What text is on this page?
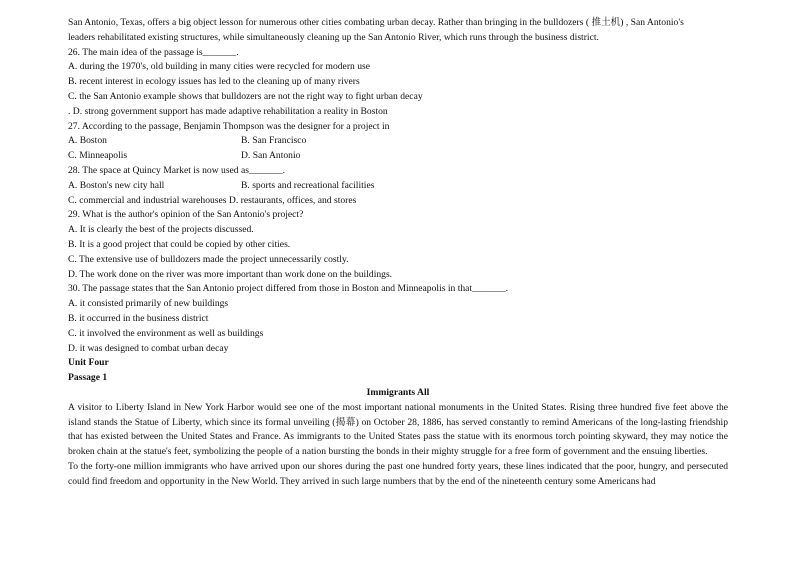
San Antonio, Texas, offers a big object lesson for numerous other cities combating urban decay. Rather than bringing in the bulldozers ( 推土机) , San Antonio's
leaders rehabilitated existing structures, while simultaneously cleaning up the San Antonio River, which runs through the business district.
26. The main idea of the passage is_______.
A. during the 1970's, old building in many cities were recycled for modern use
B. recent interest in ecology issues has led to the cleaning up of many rivers
C. the San Antonio example shows that bulldozers are not the right way to fight urban decay
. D. strong government support has made adaptive rehabilitation a reality in Boston
27. According to the passage, Benjamin Thompson was the designer for a project in
A. Boston	B. San Francisco
C. Minneapolis	D. San Antonio
28. The space at Quincy Market is now used as_______.
A. Boston's new city hall	B. sports and recreational facilities
C. commercial and industrial warehouses D. restaurants, offices, and stores
29. What is the author's opinion of the San Antonio's project?
A. It is clearly the best of the projects discussed.
B. It is a good project that could be copied by other cities.
C. The extensive use of bulldozers made the project unnecessarily costly.
D. The work done on the river was more important than work done on the buildings.
30. The passage states that the San Antonio project differed from those in Boston and Minneapolis in that_______.
A. it consisted primarily of new buildings
B. it occurred in the business district
C. it involved the environment as well as buildings
D. it was designed to combat urban decay
Unit Four
Passage 1
Immigrants All
A visitor to Liberty Island in New York Harbor would see one of the most important national monuments in the United States. Rising three hundred five feet above the island stands the Statue of Liberty, which since its formal unveiling (揭幕) on October 28, 1886, has served constantly to remind Americans of the long-lasting friendship that has existed between the United States and France. As immigrants to the United States pass the statue with its enormous torch pointing skyward, they may notice the broken chain at the statue's feet, symbolizing the people of a nation bursting the bonds in their mighty struggle for a free form of government and the ensuing liberties.
To the forty-one million immigrants who have arrived upon our shores during the past one hundred forty years, these lines indicated that the poor, hungry, and persecuted could find freedom and opportunity in the New World. They arrived in such large numbers that by the end of the nineteenth century some Americans had
